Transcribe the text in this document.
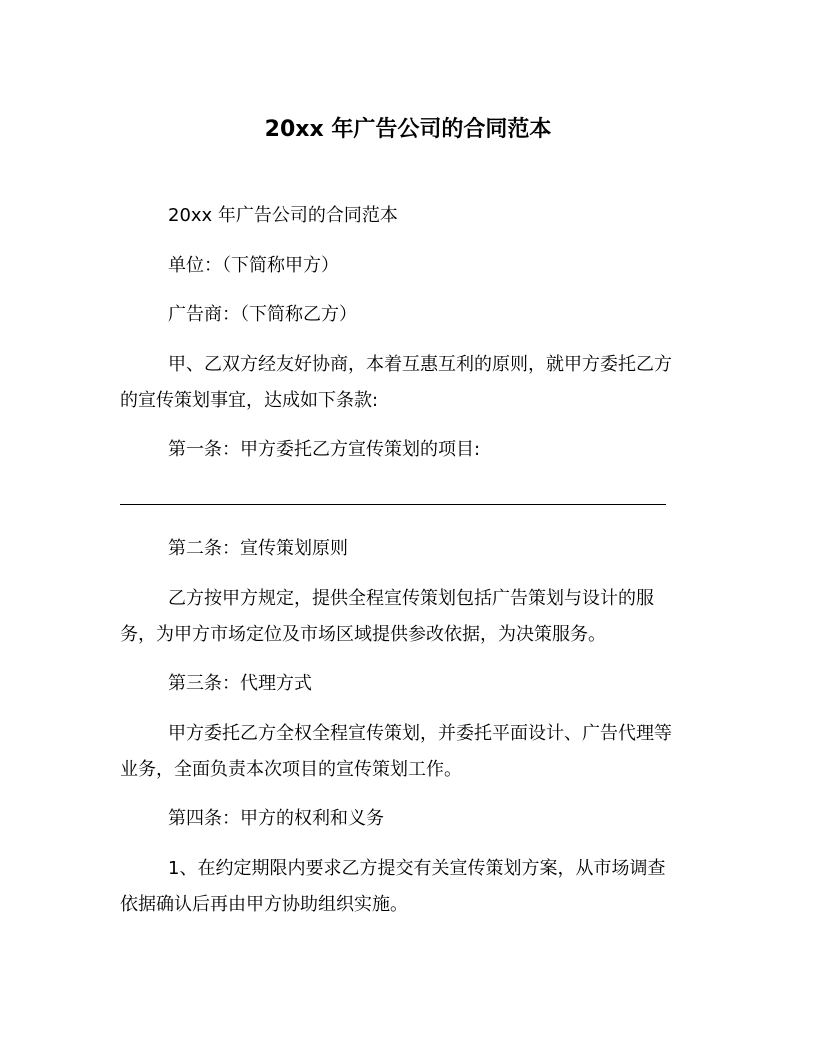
20xx 年广告公司的合同范本

20xx 年广告公司的合同范本

单位：（下简称甲方）

广告商：（下简称乙方）

甲、乙双方经友好协商，本着互惠互利的原则，就甲方委托乙方
的宣传策划事宜，达成如下条款:

第一条：甲方委托乙方宣传策划的项目:

第二条：宣传策划原则

乙方按甲方规定，提供全程宣传策划包括广告策划与设计的服
务，为甲方市场定位及市场区域提供参改依据，为决策服务。

第三条：代理方式

甲方委托乙方全权全程宣传策划，并委托平面设计、广告代理等
业务，全面负责本次项目的宣传策划工作。

第四条：甲方的权利和义务

1、在约定期限内要求乙方提交有关宣传策划方案，从市场调查
依据确认后再由甲方协助组织实施。
